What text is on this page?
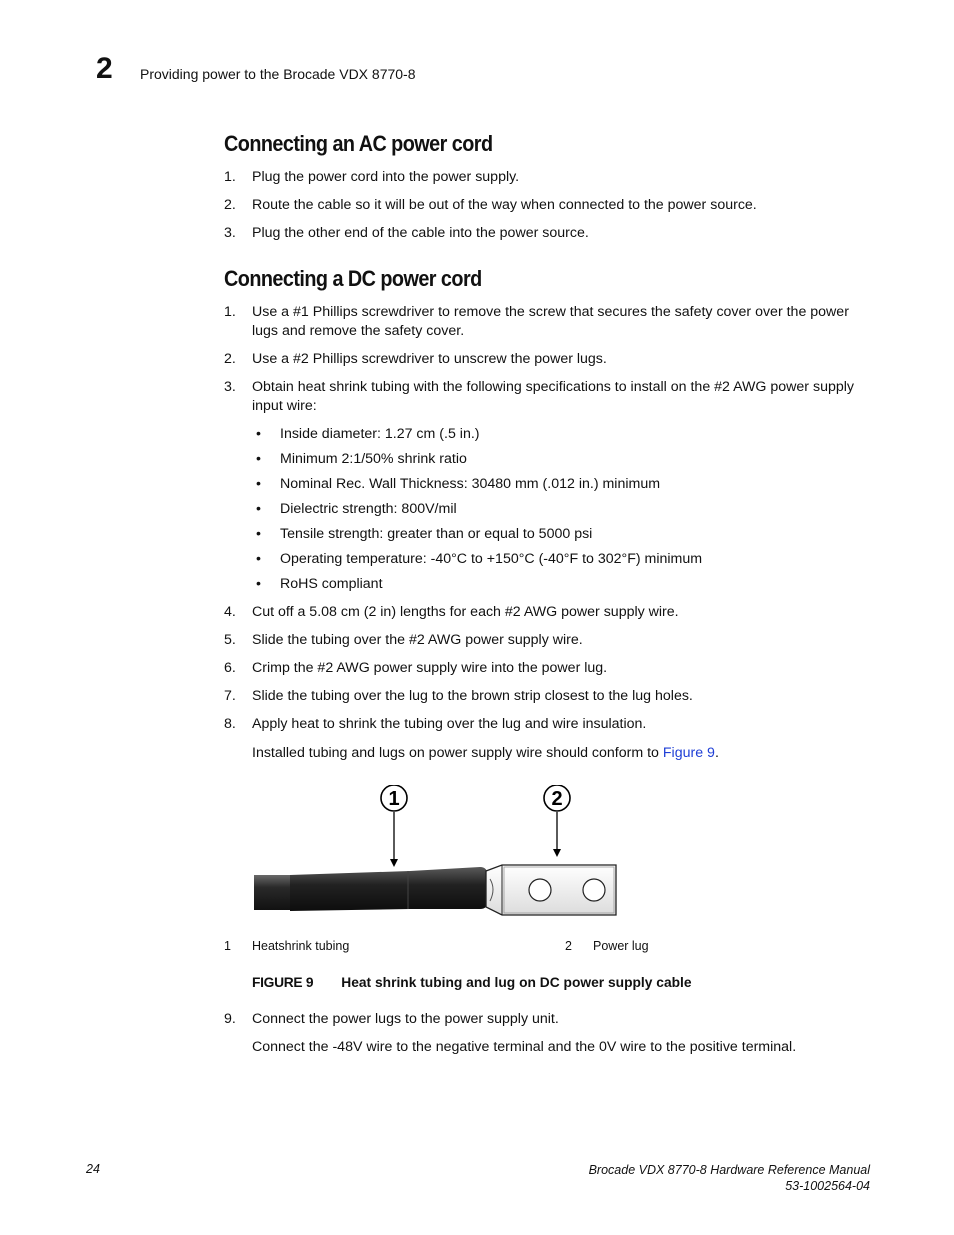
2 Providing power to the Brocade VDX 8770-8
Connecting an AC power cord
1. Plug the power cord into the power supply.
2. Route the cable so it will be out of the way when connected to the power source.
3. Plug the other end of the cable into the power source.
Connecting a DC power cord
1. Use a #1 Phillips screwdriver to remove the screw that secures the safety cover over the power lugs and remove the safety cover.
2. Use a #2 Phillips screwdriver to unscrew the power lugs.
3. Obtain heat shrink tubing with the following specifications to install on the #2 AWG power supply input wire:
• Inside diameter: 1.27 cm (.5 in.)
• Minimum 2:1/50% shrink ratio
• Nominal Rec. Wall Thickness: 30480 mm (.012 in.) minimum
• Dielectric strength: 800V/mil
• Tensile strength: greater than or equal to 5000 psi
• Operating temperature: -40°C to +150°C (-40°F to 302°F) minimum
• RoHS compliant
4. Cut off a 5.08 cm (2 in) lengths for each #2 AWG power supply wire.
5. Slide the tubing over the #2 AWG power supply wire.
6. Crimp the #2 AWG power supply wire into the power lug.
7. Slide the tubing over the lug to the brown strip closest to the lug holes.
8. Apply heat to shrink the tubing over the lug and wire insulation.
Installed tubing and lugs on power supply wire should conform to Figure 9.
1	2
1 Heatshrink tubing	2 Power lug
FIGURE 9 Heat shrink tubing and lug on DC power supply cable
9. Connect the power lugs to the power supply unit.
Connect the -48V wire to the negative terminal and the 0V wire to the positive terminal.
24	Brocade VDX 8770-8 Hardware Reference Manual
53-1002564-04
